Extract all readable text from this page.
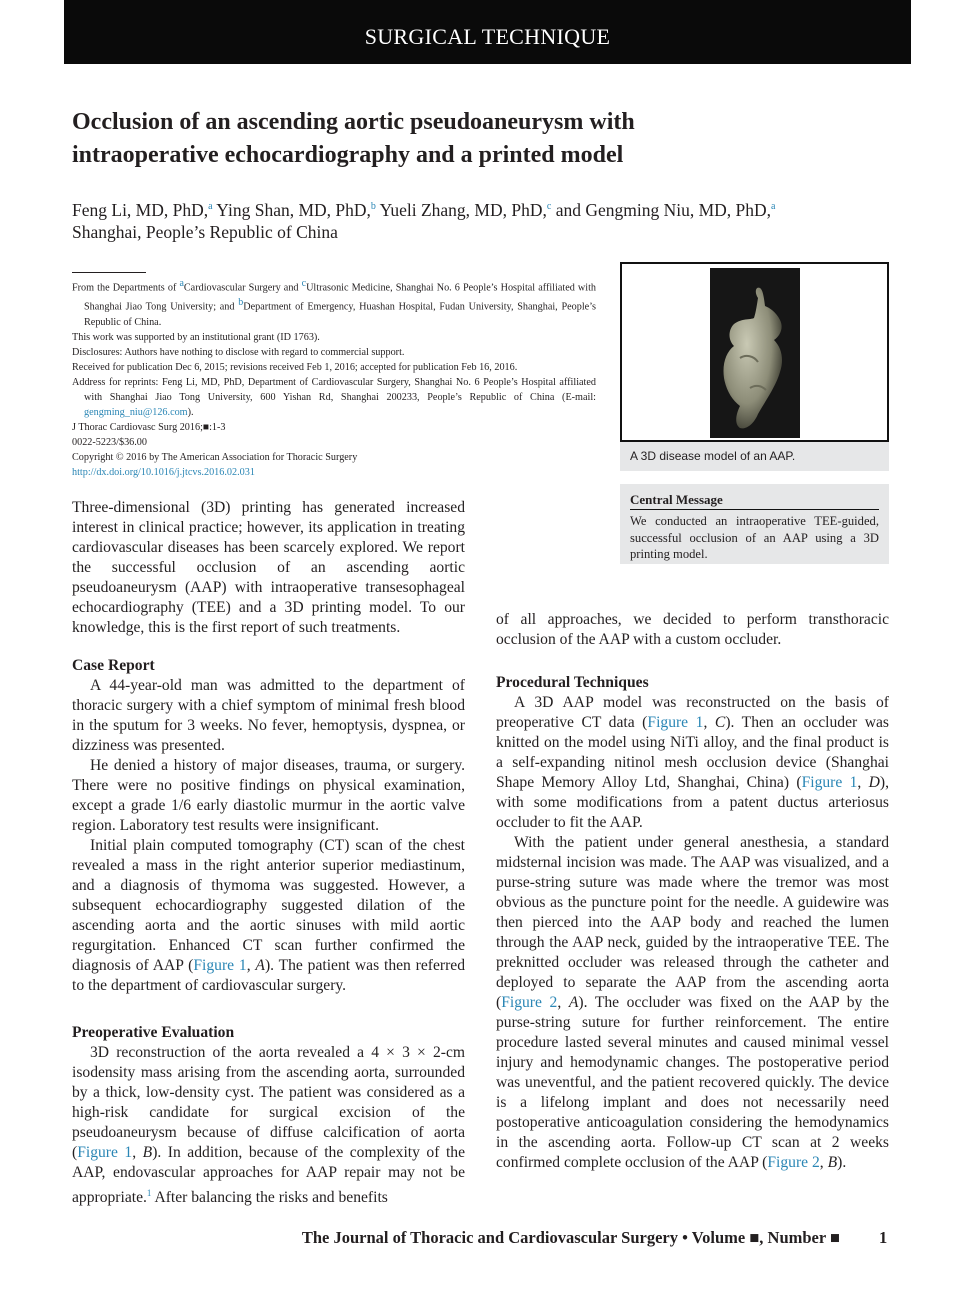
SURGICAL TECHNIQUE
Occlusion of an ascending aortic pseudoaneurysm with intraoperative echocardiography and a printed model
Feng Li, MD, PhD,$^a$ Ying Shan, MD, PhD,$^b$ Yueli Zhang, MD, PhD,$^c$ and Gengming Niu, MD, PhD,$^a$
Shanghai, People’s Republic of China

From the Departments of $^a$Cardiovascular Surgery and $^c$Ultrasonic Medicine, Shanghai No. 6 People’s Hospital affiliated with Shanghai Jiao Tong University; and $^b$Department of Emergency, Huashan Hospital, Fudan University, Shanghai, People’s Republic of China.

This work was supported by an institutional grant (ID 1763).

Disclosures: Authors have nothing to disclose with regard to commercial support.

Received for publication Dec 6, 2015; revisions received Feb 1, 2016; accepted for publication Feb 16, 2016.

Address for reprints: Feng Li, MD, PhD, Department of Cardiovascular Surgery, Shanghai No. 6 People’s Hospital affiliated with Shanghai Jiao Tong University, 600 Yishan Rd, Shanghai 200233, People’s Republic of China (E-mail: gengming_niu@126.com).

J Thorac Cardiovasc Surg 2016;■:1-3

0022-5223/$36.00

Copyright © 2016 by The American Association for Thoracic Surgery

http://dx.doi.org/10.1016/j.jtcvs.2016.02.031

A 3D disease model of an AAP.
Central Message
We conducted an intraoperative TEE-guided, successful occlusion of an AAP using a 3D printing model.

Three-dimensional (3D) printing has generated increased interest in clinical practice; however, its application in treating cardiovascular diseases has been scarcely explored. We report the successful occlusion of an ascending aortic pseudoaneurysm (AAP) with intraoperative transesophageal echocardiography (TEE) and a 3D printing model. To our knowledge, this is the first report of such treatments.

Case Report

A 44-year-old man was admitted to the department of thoracic surgery with a chief symptom of minimal fresh blood in the sputum for 3 weeks. No fever, hemoptysis, dyspnea, or dizziness was presented.

He denied a history of major diseases, trauma, or surgery. There were no positive findings on physical examination, except a grade 1/6 early diastolic murmur in the aortic valve region. Laboratory test results were insignificant.

Initial plain computed tomography (CT) scan of the chest revealed a mass in the right anterior superior mediastinum, and a diagnosis of thymoma was suggested. However, a subsequent echocardiography suggested dilation of the ascending aorta and the aortic sinuses with mild aortic regurgitation. Enhanced CT scan further confirmed the diagnosis of AAP (Figure 1, A). The patient was then referred to the department of cardiovascular surgery.

Preoperative Evaluation

3D reconstruction of the aorta revealed a 4 × 3 × 2-cm isodensity mass arising from the ascending aorta, surrounded by a thick, low-density cyst. The patient was considered as a high-risk candidate for surgical excision of the pseudoaneurysm because of diffuse calcification of aorta (Figure 1, B). In addition, because of the complexity of the AAP, endovascular approaches for AAP repair may not be appropriate.$^1$ After balancing the risks and benefits

of all approaches, we decided to perform transthoracic occlusion of the AAP with a custom occluder.

Procedural Techniques

A 3D AAP model was reconstructed on the basis of preoperative CT data (Figure 1, C). Then an occluder was knitted on the model using NiTi alloy, and the final product is a self-expanding nitinol mesh occlusion device (Shanghai Shape Memory Alloy Ltd, Shanghai, China) (Figure 1, D), with some modifications from a patent ductus arteriosus occluder to fit the AAP.

With the patient under general anesthesia, a standard midsternal incision was made. The AAP was visualized, and a purse-string suture was made where the tremor was most obvious as the puncture point for the needle. A guidewire was then pierced into the AAP body and reached the lumen through the AAP neck, guided by the intraoperative TEE. The preknitted occluder was released through the catheter and deployed to separate the AAP from the ascending aorta (Figure 2, A). The occluder was fixed on the AAP by the purse-string suture for further reinforcement. The entire procedure lasted several minutes and caused minimal vessel injury and hemodynamic changes. The postoperative period was uneventful, and the patient recovered quickly. The device is a lifelong implant and does not necessarily need postoperative anticoagulation considering the hemodynamics in the ascending aorta. Follow-up CT scan at 2 weeks confirmed complete occlusion of the AAP (Figure 2, B).

The Journal of Thoracic and Cardiovascular Surgery • Volume ■, Number ■ 1
